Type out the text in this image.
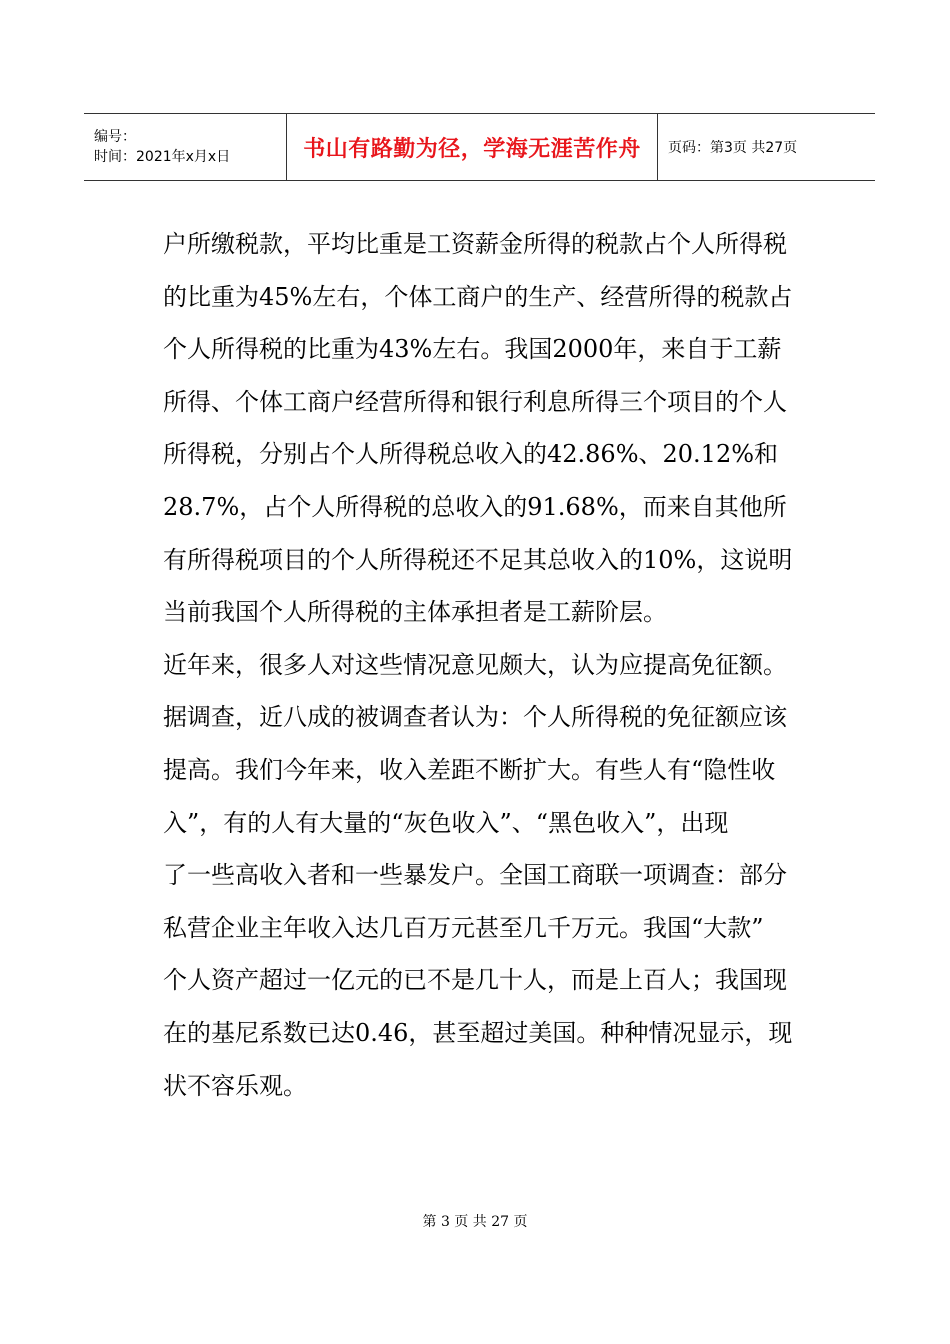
编号：
时间：2021年x月x日	书山有路勤为径，学海无涯苦作舟	页码：第3页 共27页
户所缴税款，平均比重是工资薪金所得的税款占个人所得税
的比重为45%左右，个体工商户的生产、经营所得的税款占
个人所得税的比重为43%左右。我国2000年，来自于工薪
所得、个体工商户经营所得和银行利息所得三个项目的个人
所得税，分别占个人所得税总收入的42.86%、20.12%和
28.7%，占个人所得税的总收入的91.68%，而来自其他所
有所得税项目的个人所得税还不足其总收入的10%，这说明
当前我国个人所得税的主体承担者是工薪阶层。
近年来，很多人对这些情况意见颇大，认为应提高免征额。
据调查，近八成的被调查者认为：个人所得税的免征额应该
提高。我们今年来，收入差距不断扩大。有些人有“隐性收
入”，有的人有大量的“灰色收入”、“黑色收入”，出现
了一些高收入者和一些暴发户。全国工商联一项调查：部分
私营企业主年收入达几百万元甚至几千万元。我国“大款”
个人资产超过一亿元的已不是几十人，而是上百人；我国现
在的基尼系数已达0.46，甚至超过美国。种种情况显示，现
状不容乐观。
第 3 页 共 27 页
